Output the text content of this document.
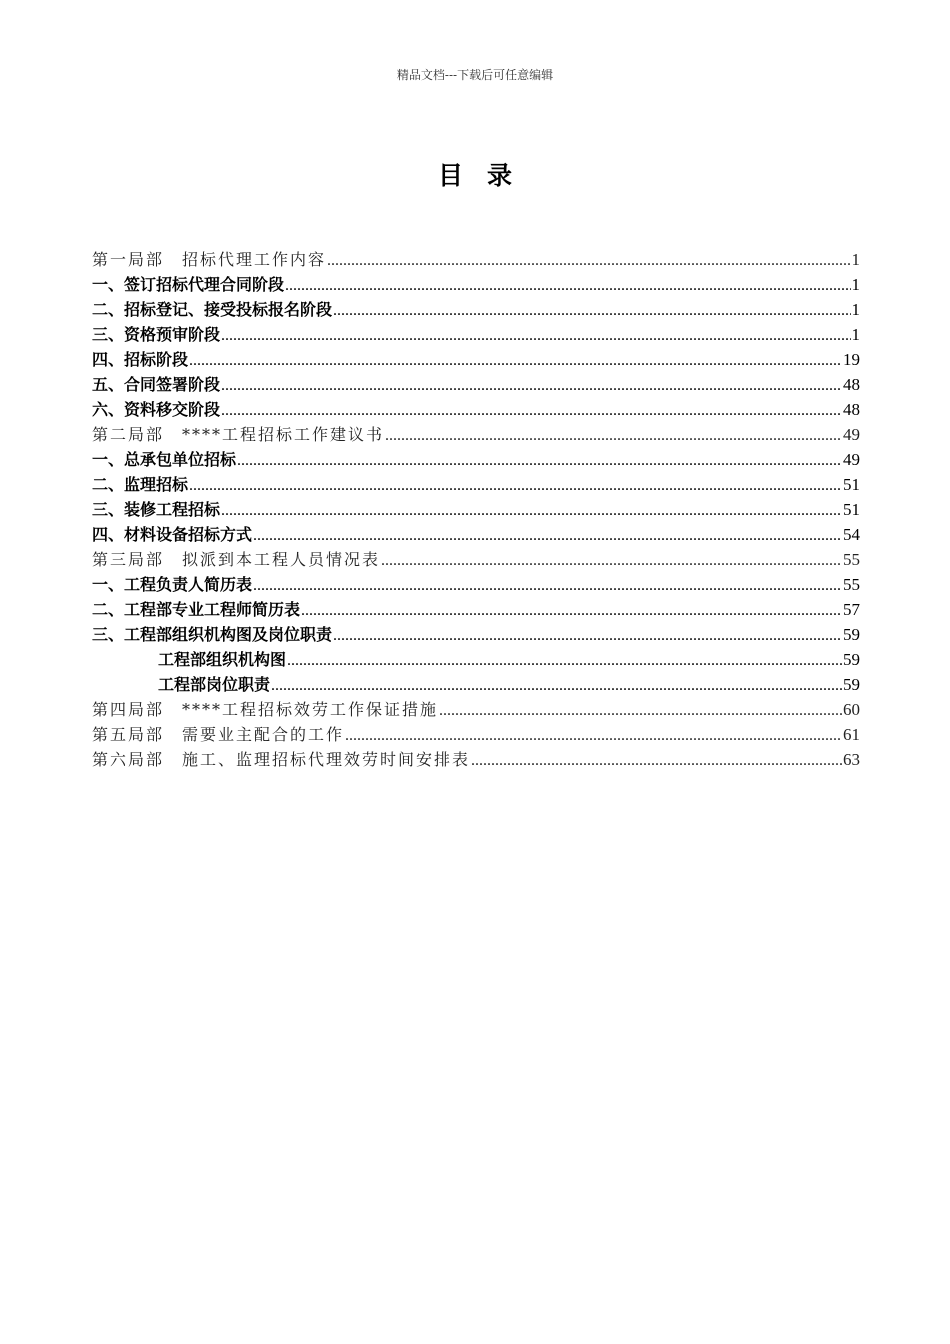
精品文档---下载后可任意编辑
目录
第一局部　招标代理工作内容 .....	1
一、签订招标代理合同阶段 .....	1
二、招标登记、接受投标报名阶段 .....	1
三、资格预审阶段 .....	1
四、招标阶段 .....	19
五、合同签署阶段 .....	48
六、资料移交阶段 .....	48
第二局部　****工程招标工作建议书 .....	49
一、总承包单位招标 .....	49
二、监理招标 .....	51
三、装修工程招标 .....	51
四、材料设备招标方式 .....	54
第三局部　拟派到本工程人员情况表 .....	55
一、工程负责人简历表 .....	55
二、工程部专业工程师简历表 .....	57
三、工程部组织机构图及岗位职责 .....	59
工程部组织机构图 .....	59
工程部岗位职责 .....	59
第四局部　****工程招标效劳工作保证措施 .....	60
第五局部　需要业主配合的工作 .....	61
第六局部　施工、监理招标代理效劳时间安排表 .....	63
